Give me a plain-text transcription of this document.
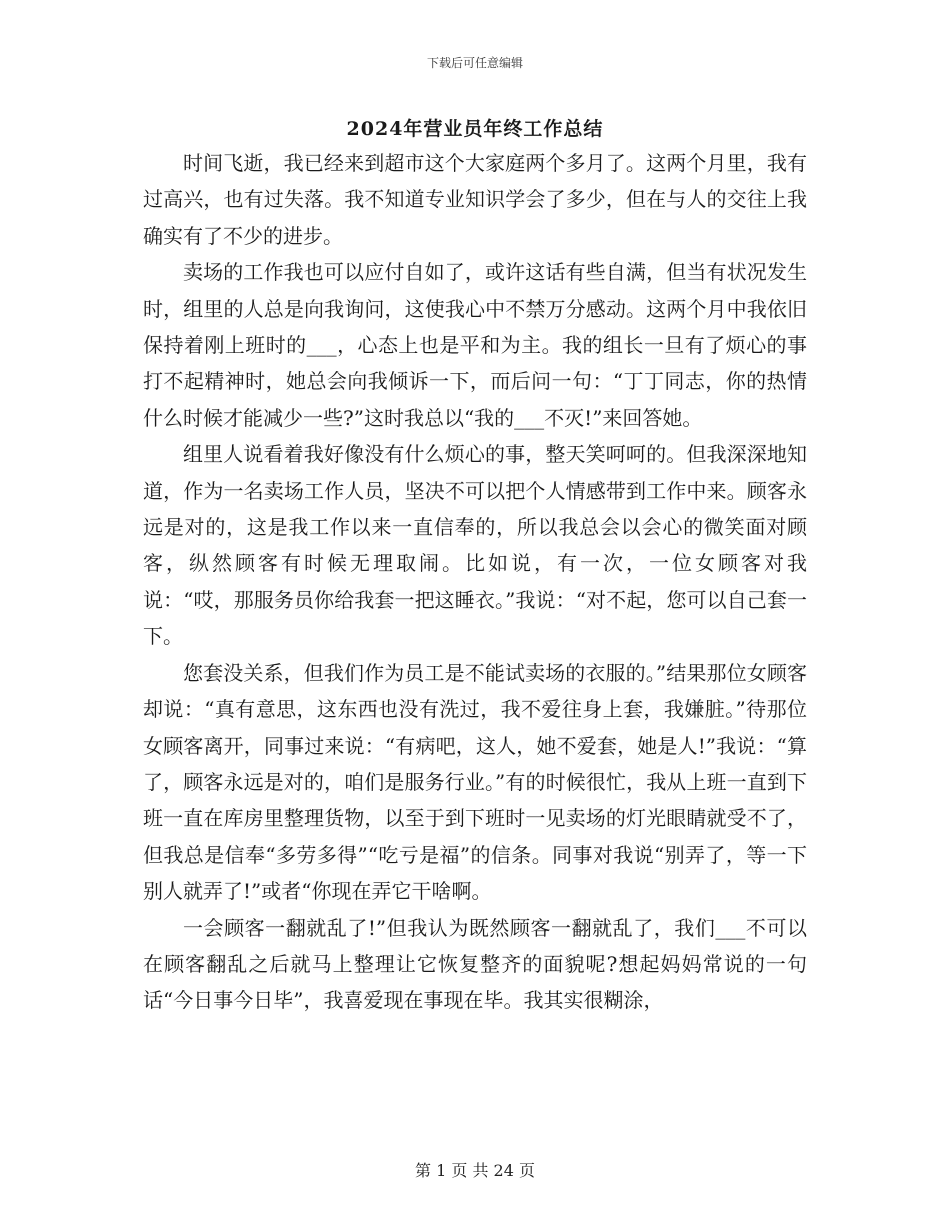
下载后可任意编辑
2024年营业员年终工作总结

时间飞逝，我已经来到超市这个大家庭两个多月了。这两个月里，我有过高兴，也有过失落。我不知道专业知识学会了多少，但在与人的交往上我确实有了不少的进步。

卖场的工作我也可以应付自如了，或许这话有些自满，但当有状况发生时，组里的人总是向我询问，这使我心中不禁万分感动。这两个月中我依旧保持着刚上班时的___，心态上也是平和为主。我的组长一旦有了烦心的事打不起精神时，她总会向我倾诉一下，而后问一句：“丁丁同志，你的热情什么时候才能减少一些?”这时我总以“我的___不灭!”来回答她。

组里人说看着我好像没有什么烦心的事，整天笑呵呵的。但我深深地知道，作为一名卖场工作人员，坚决不可以把个人情感带到工作中来。顾客永远是对的，这是我工作以来一直信奉的，所以我总会以会心的微笑面对顾客，纵然顾客有时候无理取闹。比如说，有一次，一位女顾客对我说：“哎，那服务员你给我套一把这睡衣。”我说：“对不起，您可以自己套一下。

您套没关系，但我们作为员工是不能试卖场的衣服的。”结果那位女顾客却说：“真有意思，这东西也没有洗过，我不爱往身上套，我嫌脏。”待那位女顾客离开，同事过来说：“有病吧，这人，她不爱套，她是人!”我说：“算了，顾客永远是对的，咱们是服务行业。”有的时候很忙，我从上班一直到下班一直在库房里整理货物，以至于到下班时一见卖场的灯光眼睛就受不了，但我总是信奉“多劳多得”“吃亏是福”的信条。同事对我说“别弄了，等一下别人就弄了!”或者“你现在弄它干啥啊。

一会顾客一翻就乱了!”但我认为既然顾客一翻就乱了，我们___不可以在顾客翻乱之后就马上整理让它恢复整齐的面貌呢?想起妈妈常说的一句话“今日事今日毕”，我喜爱现在事现在毕。我其实很糊涂，

第 1 页 共 24 页
